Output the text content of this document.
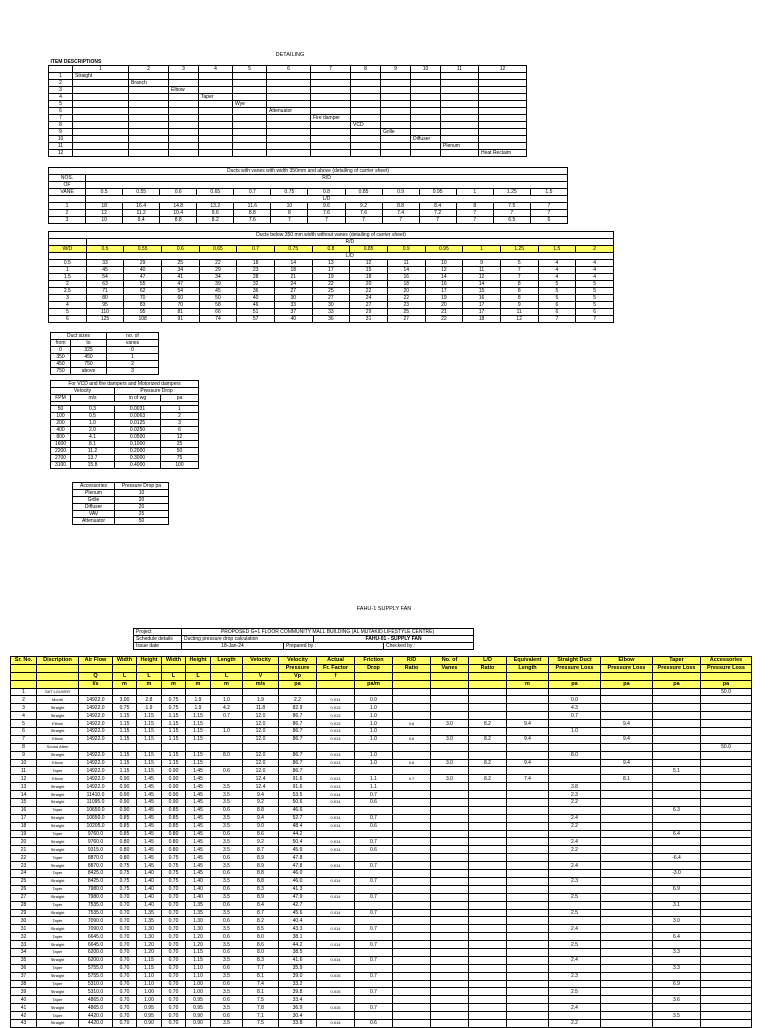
DETAILING
ITEM DESCRIPTIONS												
	1	2	3	4	5	6	7	8	9	10	11	12
1	Straight											
2		Branch										
3			Elbow									
4				Taper								
5					Wye							
6						Attenuator						
7							Fire damper					
8								VCD				
9									Grille			
10										Diffuser		
11											Plenum	
12												Heat Reclaim
Ducts with vanes with width 350mm and above (detailing of carrier sheet)													
NOS.	R/D												
OF													
VANE	0.5	0.55	0.6	0.65	0.7	0.75	0.8	0.85	0.9	0.95	1	1.25	1.5
	L/D												
1	18	16.4	14.8	13.2	11.6	10	9.6	9.2	8.8	8.4	8	7.5	7
2	12	11.2	10.4	9.6	8.8	8	7.6	7.6	7.4	7.2	7	7	7
3	10	9.4	8.8	8.2	7.6	7	7	7	7	7	7	6.5	6
Ducts below 350 mm width without vanes (detailing of carrier sheet)														
	R/D													
W/D	0.5	0.55	0.6	0.65	0.7	0.75	0.8	0.85	0.9	0.95	1	1.25	1.5	2
	L/D													
0.5	33	29	25	22	18	14	13	12	11	10	9	5	4	4
1	45	40	34	29	23	18	17	15	14	12	11	7	4	4
1.5	54	47	41	34	28	21	19	18	16	14	12	7	4	4
2	63	55	47	39	32	24	22	20	18	16	14	8	5	5
2.5	71	62	54	45	36	27	25	22	20	17	15	8	5	5
3	80	70	60	50	40	30	27	24	22	19	16	8	5	5
4	95	83	70	58	46	33	30	27	23	20	17	9	6	5
5	110	95	81	66	51	37	33	29	25	21	17	11	6	6
6	125	108	91	74	57	40	36	31	27	22	18	12	7	7
Duct sizes		no. of
from	to	vanes
0	325	0
350	450	1
450	750	2
750	above	3
For VCD and fire dampers and Motorized dampers			
Velocity		Pressure Drop	
FPM	m/s	in of wg	pa

50	0.3	0.0031	1
100	0.5	0.0063	2
200	1.0	0.0125	3
400	2.0	0.0250	6
800	4.1	0.0500	12
1600	8.1	0.1000	25
2200	11.2	0.2000	50
2700	13.7	0.3000	75
3100	15.8	0.4000	100
Accessories	Pressure Drop pa
Plenum	10
Grille	20
Diffuser	20
VAV	25
Attenuator	50
FAHU-1 SUPPLY FAN
Project	PROPOSED G+1 FLOOR COMMUNITY MALL BUILDING (AL MUTAKID LIFESTYLE CENTRE)			
Schedule details	Ducting pressure drop calculation		FAHU-01 - SUPPLY FAN	
Issue date	18-Jan-24	Prepared by :		Checked by :
Sr. No.	Discription	Air Flow	Width	Height	Width	Height	Length	Velocity	Velocity	Actual	Friction	R/D	No. of	L/D	Equivalent	Straight Duct	Elbow	Taper	Accessories
									Pressure	Fr. Factor	Drop	Ratio	Vanes	Ratio	Length	Pressure Loss	Pressure Loss	Pressure Loss	Pressure Loss
		Q	L	L	L	L	L	V	Vp	f									
		l/s	m	m	m	m	m	m/s	pa		pa/m				m	pa	pa	pa	pa
1	SAT LOUVER																		50.0
2	Mouth	14922.0	3.00	2.8	0.75	1.9	1.0	1.9	2.2	0.014	0.0					0.0			
3	Straight	14922.0	0.75	1.9	0.75	1.9	4.2	11.8	82.9	0.013	1.0					4.3			
4	Straight	14922.0	1.15	1.15	1.15	1.15	0.7	12.0	86.7	0.013	1.0					0.7			
5	Elbow	14922.0	1.15	1.15	1.15	1.15		12.0	86.7	0.013	1.0	0.6	3.0	8.2	9.4		9.4		
6	Straight	14922.0	1.15	1.15	1.15	1.15	1.0	12.0	86.7	0.013	1.0					1.0			
7	Elbow	14922.0	1.15	1.15	1.15	1.15		12.0	86.7	0.013	1.0	0.6	3.0	8.2	9.4		9.4		
8	Sound Atten																		50.0
9	Straight	14922.0	1.15	1.15	1.15	1.15	8.0	12.0	86.7	0.013	1.0					8.0			
10	Elbow	14922.0	1.15	1.15	1.15	1.15		12.0	86.7	0.013	1.0	0.6	3.0	8.2	9.4		9.4		
11	Taper	14922.0	1.15	1.15	0.90	1.45	0.6	12.0	86.7									5.1	
12	Elbow	14922.0	0.90	1.45	0.90	1.45		12.4	91.6	0.013	1.1	0.7	3.0	8.2	7.4		8.1		
13	Straight	14922.0	0.90	1.45	0.90	1.45	3.5	12.4	91.6	0.013	1.1					3.8			
14	Straight	11410.0	0.90	1.45	0.90	1.45	3.5	9.4	53.5	0.014	0.7					2.3			
15	Straight	11095.0	0.90	1.45	0.90	1.45	3.5	9.2	50.6	0.014	0.6					2.2			
16	Taper	10650.0	0.90	1.45	0.85	1.45	0.6	8.8	46.6									6.3	
17	Straight	10650.0	0.85	1.45	0.85	1.45	3.5	9.4	52.7	0.014	0.7					2.4			
18	Straight	10205.0	0.85	1.45	0.85	1.45	3.5	9.0	48.4	0.014	0.6					2.2			
19	Taper	9760.0	0.85	1.45	0.80	1.45	0.6	8.6	44.2									6.4	
20	Straight	9760.0	0.80	1.45	0.80	1.45	3.5	9.2	50.4	0.014	0.7					2.4			
21	Straight	9315.0	0.80	1.45	0.80	1.45	3.5	8.7	45.9	0.014	0.6					2.2			
22	Taper	8870.0	0.80	1.45	0.75	1.45	0.6	8.9	47.8									-6.4	
23	Straight	8870.0	0.75	1.45	0.75	1.45	3.5	8.9	47.8	0.014	0.7					2.4			
24	Taper	8425.0	0.75	1.40	0.75	1.45	0.6	8.8	46.0									-3.0	
25	Straight	8425.0	0.75	1.40	0.75	1.40	3.5	8.8	46.0	0.014	0.7					2.3			
26	Taper	7980.0	0.75	1.40	0.70	1.40	0.6	8.3	41.3									6.9	
27	Straight	7980.0	0.70	1.40	0.70	1.40	3.5	8.9	47.9	0.014	0.7					2.5			
28	Taper	7535.0	0.70	1.40	0.70	1.35	0.6	8.4	42.7									3.1	
29	Straight	7535.0	0.70	1.35	0.70	1.35	3.5	8.7	45.6	0.014	0.7					2.5			
30	Taper	7090.0	0.70	1.35	0.70	1.30	0.6	8.2	40.4									3.0	
31	Straight	7090.0	0.70	1.30	0.70	1.30	3.5	8.5	43.3	0.014	0.7					2.4			
32	Taper	6645.0	0.70	1.30	0.70	1.20	0.6	8.0	38.1									6.4	
33	Straight	6645.0	0.70	1.20	0.70	1.20	3.5	8.6	44.2	0.014	0.7					2.5			
34	Taper	6200.0	0.70	1.20	0.70	1.15	0.6	8.0	38.5									3.3	
35	Straight	6200.0	0.70	1.15	0.70	1.15	3.5	8.3	41.6	0.014	0.7					2.4			
36	Taper	5755.0	0.70	1.15	0.70	1.10	0.6	7.7	35.9									3.3	
37	Straight	5755.0	0.70	1.10	0.70	1.10	3.5	8.1	39.0	0.015	0.7					2.3			
38	Taper	5310.0	0.70	1.10	0.70	1.00	0.6	7.4	33.2									6.9	
39	Straight	5310.0	0.70	1.00	0.70	1.00	3.5	8.1	39.8	0.015	0.7					2.5			
40	Taper	4865.0	0.70	1.00	0.70	0.95	0.6	7.5	33.4									3.6	
41	Straight	4865.0	0.70	0.95	0.70	0.95	3.5	7.8	36.9	0.015	0.7					2.4			
42	Taper	4420.0	0.70	0.95	0.70	0.90	0.6	7.1	30.4									3.5	
43	Straight	4420.0	0.70	0.90	0.70	0.90	3.5	7.5	33.8	0.015	0.6					2.2			
